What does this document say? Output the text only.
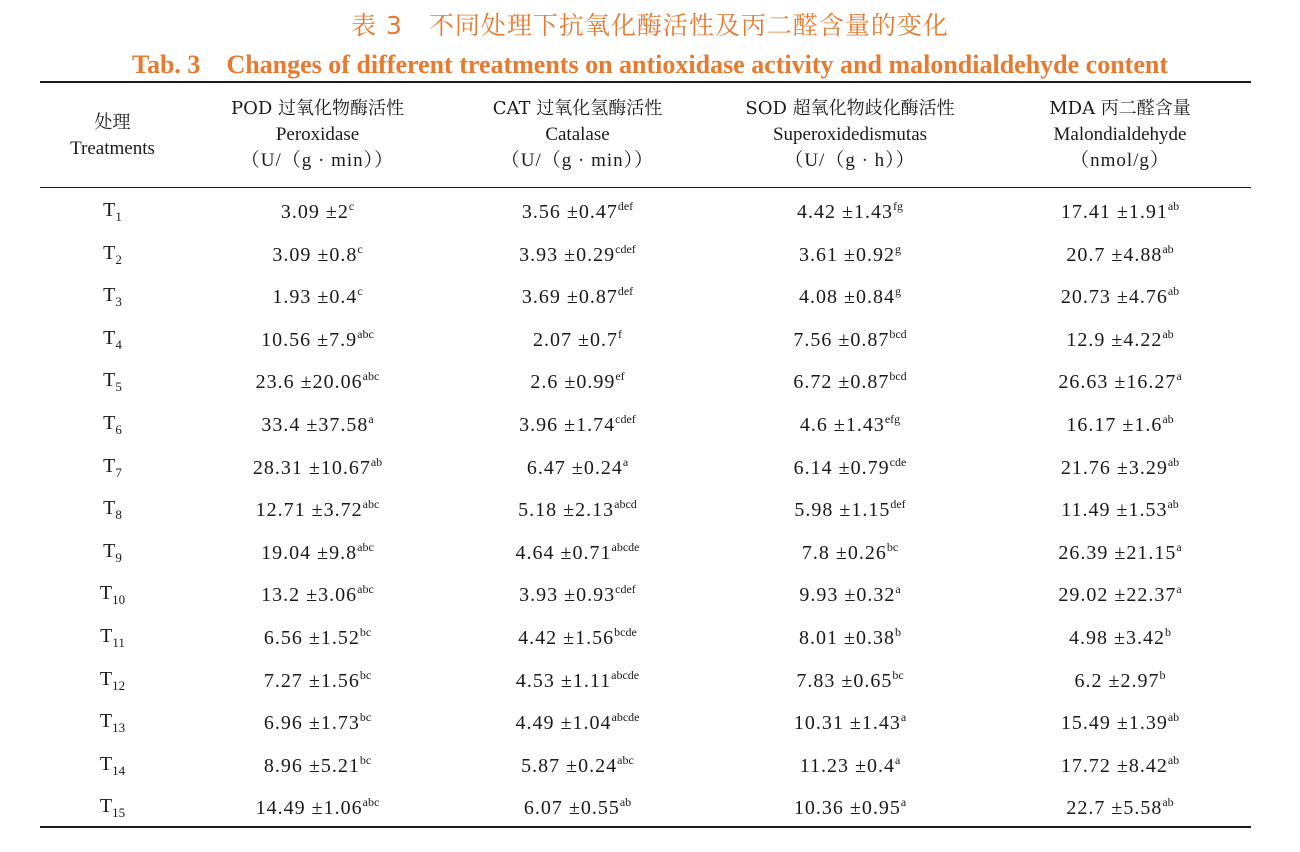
表 3　不同处理下抗氧化酶活性及丙二醛含量的变化
Tab. 3 Changes of different treatments on antioxidase activity and malondialdehyde content
处理
Treatments
POD 过氧化物酶活性
Peroxidase
（U/（g · min））
CAT 过氧化氢酶活性
Catalase
（U/（g · min））
SOD 超氧化物歧化酶活性
Superoxidedismutas
（U/（g · h））
MDA 丙二醛含量
Malondialdehyde
（nmol/g）
$T_1$	$3.09 \pm 2^c$	3.56 ±0.47$^{def}$	4.42 ±1.43$^{fg}$	17.41 ±1.91$^{ab}$
$T_2$	3.09 ±0.8$^c$	$3.93 \pm 0.29^{cdef}$	3.61 ±0.92$^g$	20.7 ±4.88$^{ab}$
$T_3$	1.93 ±0.4$^c$	3.69 ±0.87$^{def}$	4.08 ±0.84$^g$	20.73 ±4.76$^{ab}$
$T_4$	10.56 ±7.9$^{abc}$	2.07 ±0.7$^f$	7.56 ±0.87$^{bcd}$	12.9 ±4.22$^{ab}$
$T_5$	23.6 ±20.06$^{abc}$	2.6 ±0.99$^{ef}$	6.72 ±0.87$^{bcd}$	26.63 ±16.27$^a$
$T_6$	33.4 ±37.58$^a$	$3.96 \pm 1.74^{cdef}$	4.6 ±1.43$^{efg}$	16.17 ±1.6$^{ab}$
$T_7$	28.31 ±10.67$^{ab}$	6.47 ±0.24$^a$	6.14 ±0.79$^{cde}$	21.76 ±3.29$^{ab}$
$T_8$	12.71 ±3.72$^{abc}$	$5.18 \pm 2.13^{abcd}$	5.98 ±1.15$^{def}$	11.49 ±1.53$^{ab}$
$T_9$	19.04 ±9.8$^{abc}$	$4.64 \pm 0.71^{abcde}$	7.8 ±0.26$^{bc}$	26.39 ±21.15$^a$
$T_{10}$	13.2 ±3.06$^{abc}$	$3.93 \pm 0.93^{cdef}$	9.93 ±0.32$^a$	29.02 ±22.37$^a$
$T_{11}$	6.56 ±1.52$^{bc}$	$4.42 \pm 1.56^{bcde}$	8.01 ±0.38$^b$	4.98 ±3.42$^b$
$T_{12}$	7.27 ±1.56$^{bc}$	$4.53 \pm 1.11^{abcde}$	7.83 ±0.65$^{bc}$	6.2 ±2.97$^b$
$T_{13}$	6.96 ±1.73$^{bc}$	$4.49 \pm 1.04^{abcde}$	10.31 ±1.43$^a$	15.49 ±1.39$^{ab}$
$T_{14}$	8.96 ±5.21$^{bc}$	5.87 ±0.24$^{abc}$	11.23 ±0.4$^a$	17.72 ±8.42$^{ab}$
$T_{15}$	14.49 ±1.06$^{abc}$	6.07 ±0.55$^{ab}$	10.36 ±0.95$^a$	22.7 ±5.58$^{ab}$
